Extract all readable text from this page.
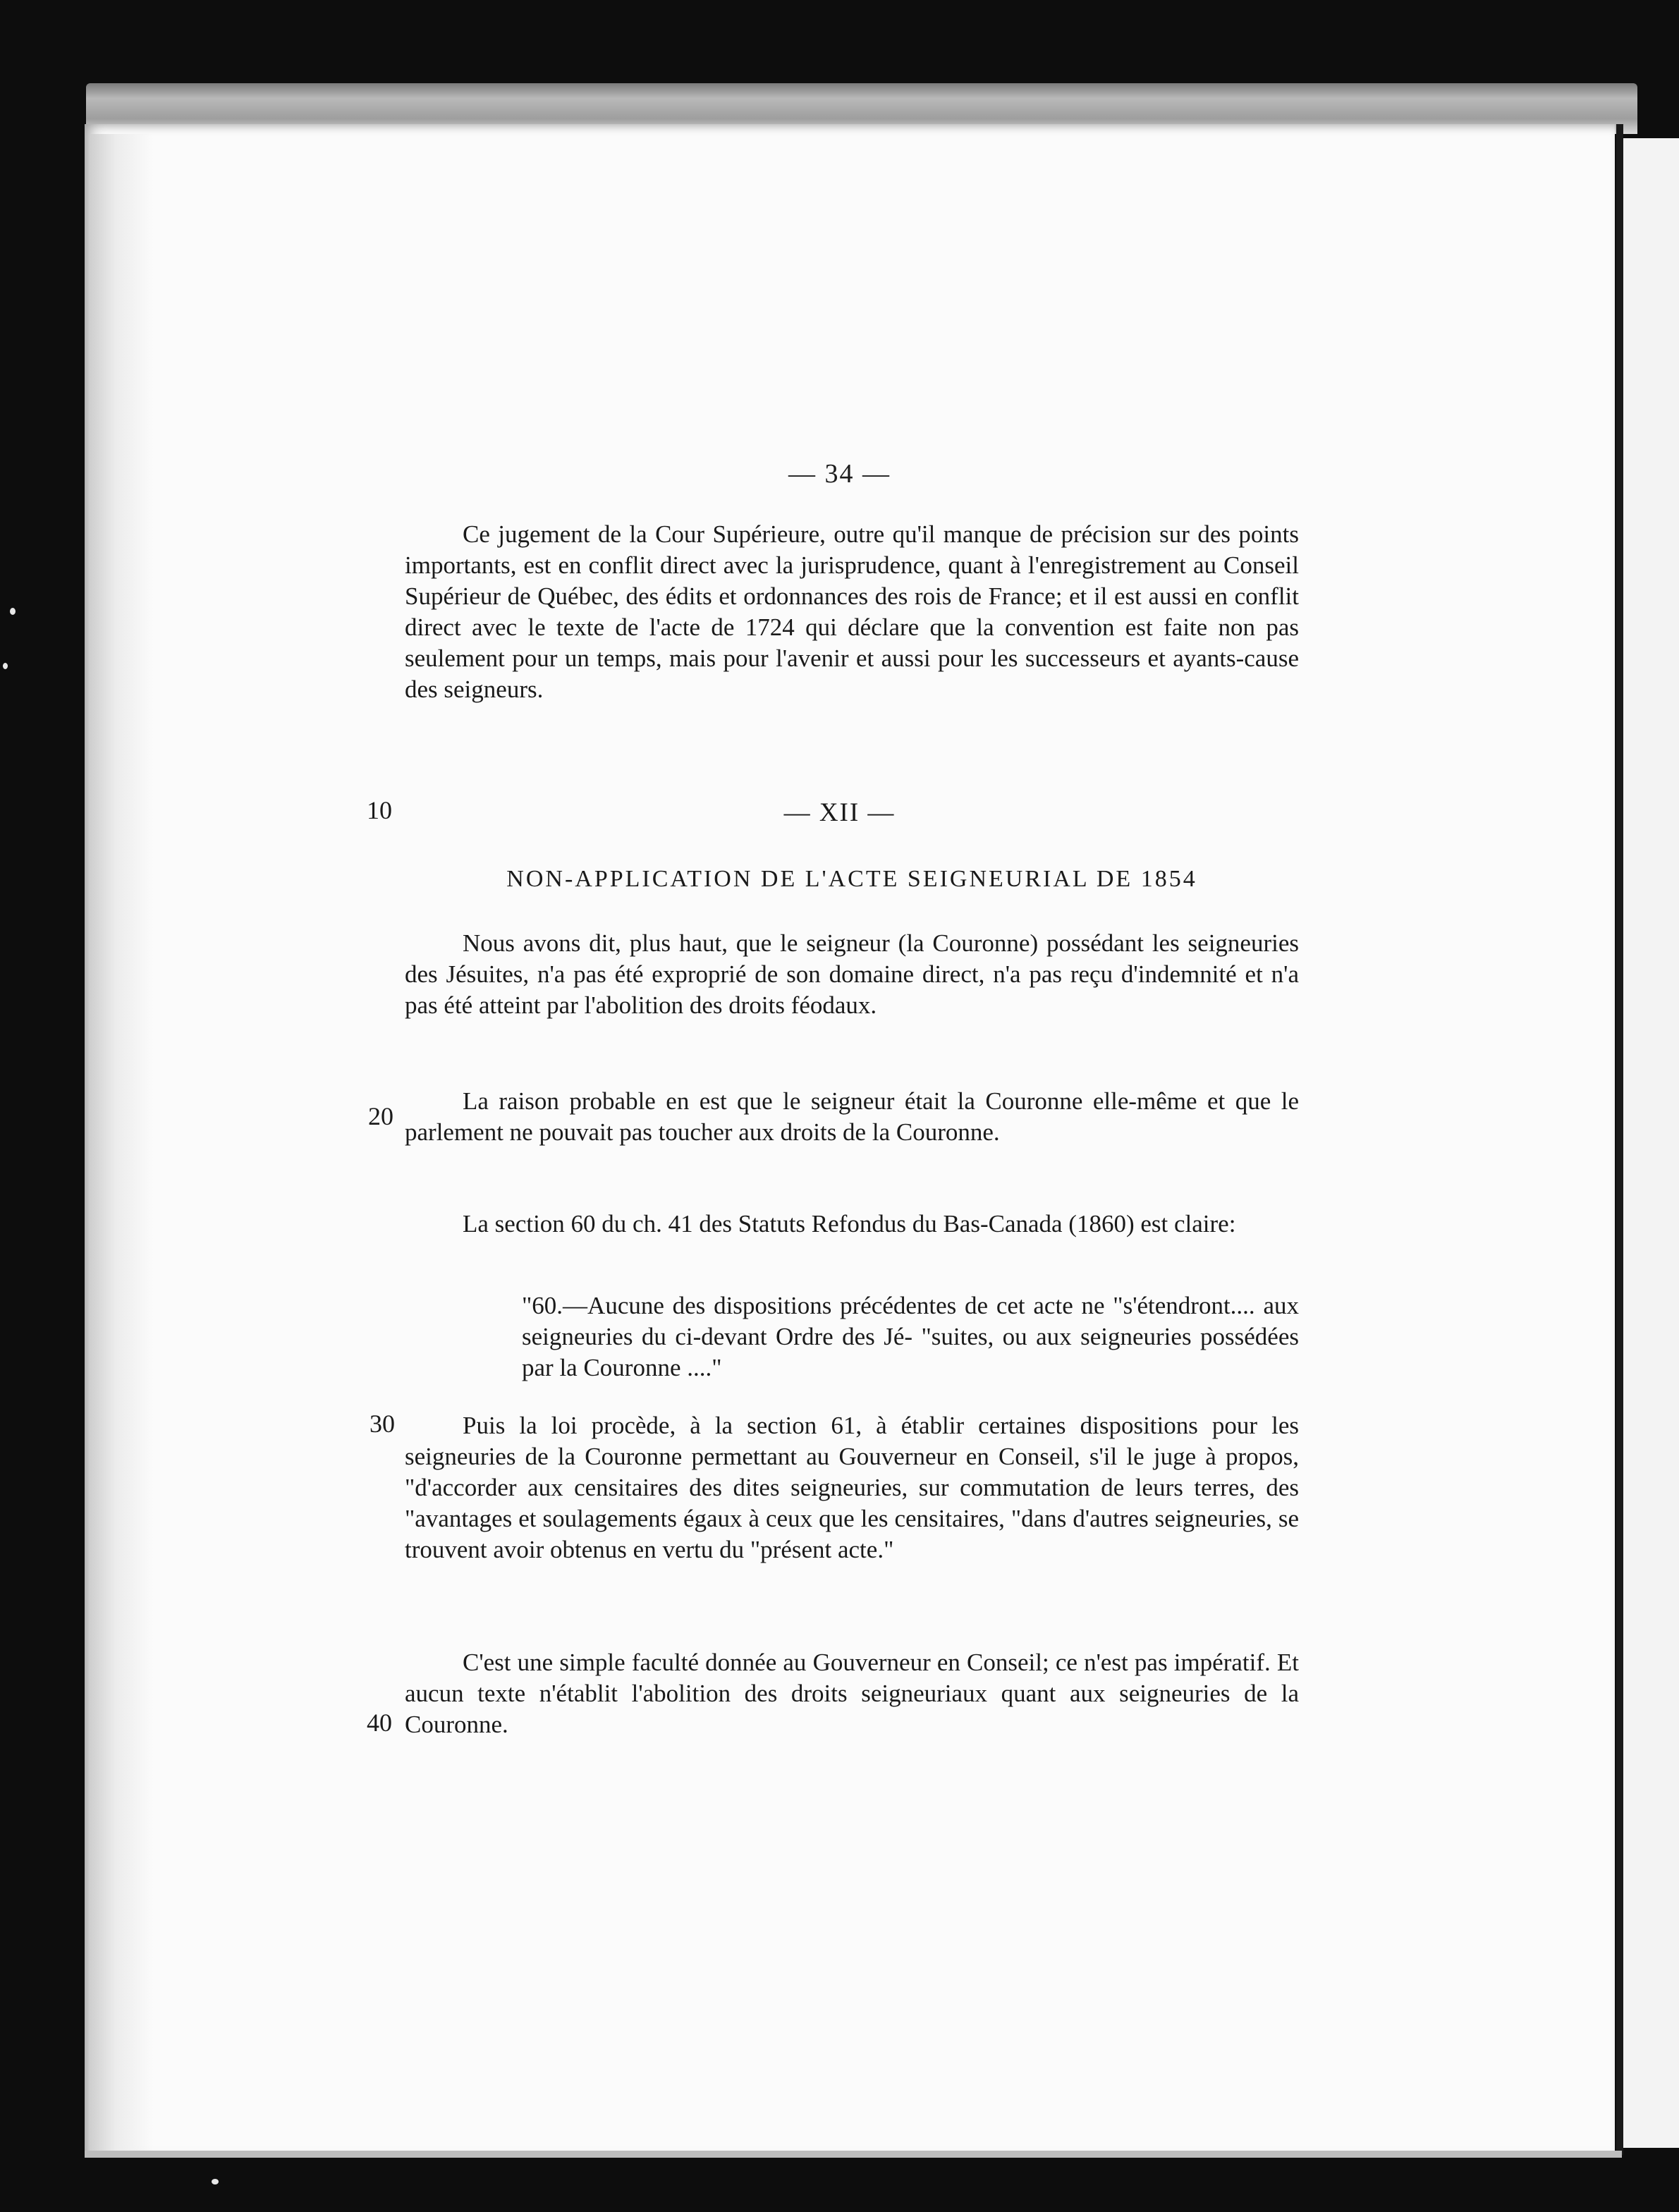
— 34 —

Ce jugement de la Cour Supérieure, outre qu'il manque de précision sur des points importants, est en conflit direct avec la jurisprudence, quant à l'enregistrement au Conseil Supérieur de Québec, des édits et ordonnances des rois de France; et il est aussi en conflit direct avec le texte de l'acte de 1724 qui déclare que la convention est faite non pas seulement pour un temps, mais pour l'avenir et aussi pour les successeurs et ayants-cause des seigneurs.

10	— XII —
NON-APPLICATION DE L'ACTE SEIGNEURIAL DE 1854

Nous avons dit, plus haut, que le seigneur (la Couronne) possédant les seigneuries des Jésuites, n'a pas été exproprié de son domaine direct, n'a pas reçu d'indemnité et n'a pas été atteint par l'abolition des droits féodaux.

20

La raison probable en est que le seigneur était la Couronne elle-même et que le parlement ne pouvait pas toucher aux droits de la Couronne.

La section 60 du ch. 41 des Statuts Refondus du Bas-Canada (1860) est claire:

"60.—Aucune des dispositions précédentes de cet acte ne "s'étendront.... aux seigneuries du ci-devant Ordre des Jé- "suites, ou aux seigneuries possédées par la Couronne ...."

30	Puis la loi procède, à la section 61, à établir certaines dispositions pour les seigneuries de la Couronne permettant au Gouverneur en Conseil, s'il le juge à propos, "d'accorder aux censitaires des dites seigneuries, sur commutation de leurs terres, des "avantages et soulagements égaux à ceux que les censitaires, "dans d'autres seigneuries, se trouvent avoir obtenus en vertu du "présent acte."

C'est une simple faculté donnée au Gouverneur en Conseil; ce n'est pas impératif. Et aucun texte n'établit l'abolition des droits seigneuriaux quant aux seigneuries de la Couronne.

40
